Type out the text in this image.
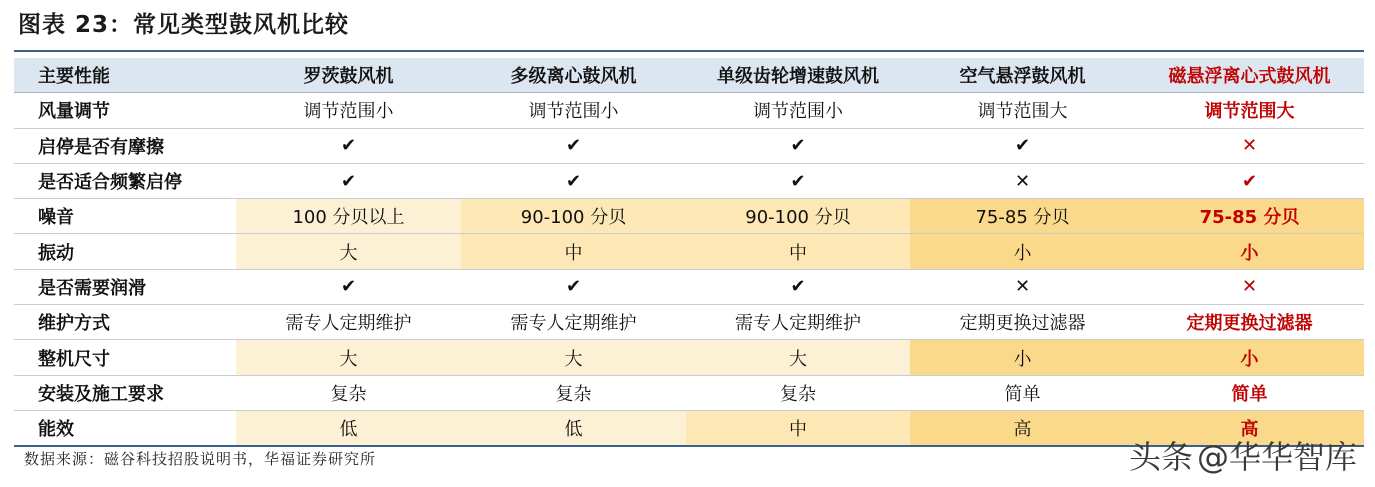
图表 23：常见类型鼓风机比较
主要性能	罗茨鼓风机	多级离心鼓风机	单级齿轮增速鼓风机	空气悬浮鼓风机	磁悬浮离心式鼓风机
风量调节	调节范围小	调节范围小	调节范围小	调节范围大	调节范围大
启停是否有摩擦	✔	✔	✔	✔	✕
是否适合频繁启停	✔	✔	✔	✕	✔
噪音	100 分贝以上	90-100 分贝	90-100 分贝	75-85 分贝	75-85 分贝
振动	大	中	中	小	小
是否需要润滑	✔	✔	✔	✕	✕
维护方式	需专人定期维护	需专人定期维护	需专人定期维护	定期更换过滤器	定期更换过滤器
整机尺寸	大	大	大	小	小
安装及施工要求	复杂	复杂	复杂	简单	简单
能效	低	低	中	高	高
数据来源：磁谷科技招股说明书，华福证券研究所	头条 @华华智库
